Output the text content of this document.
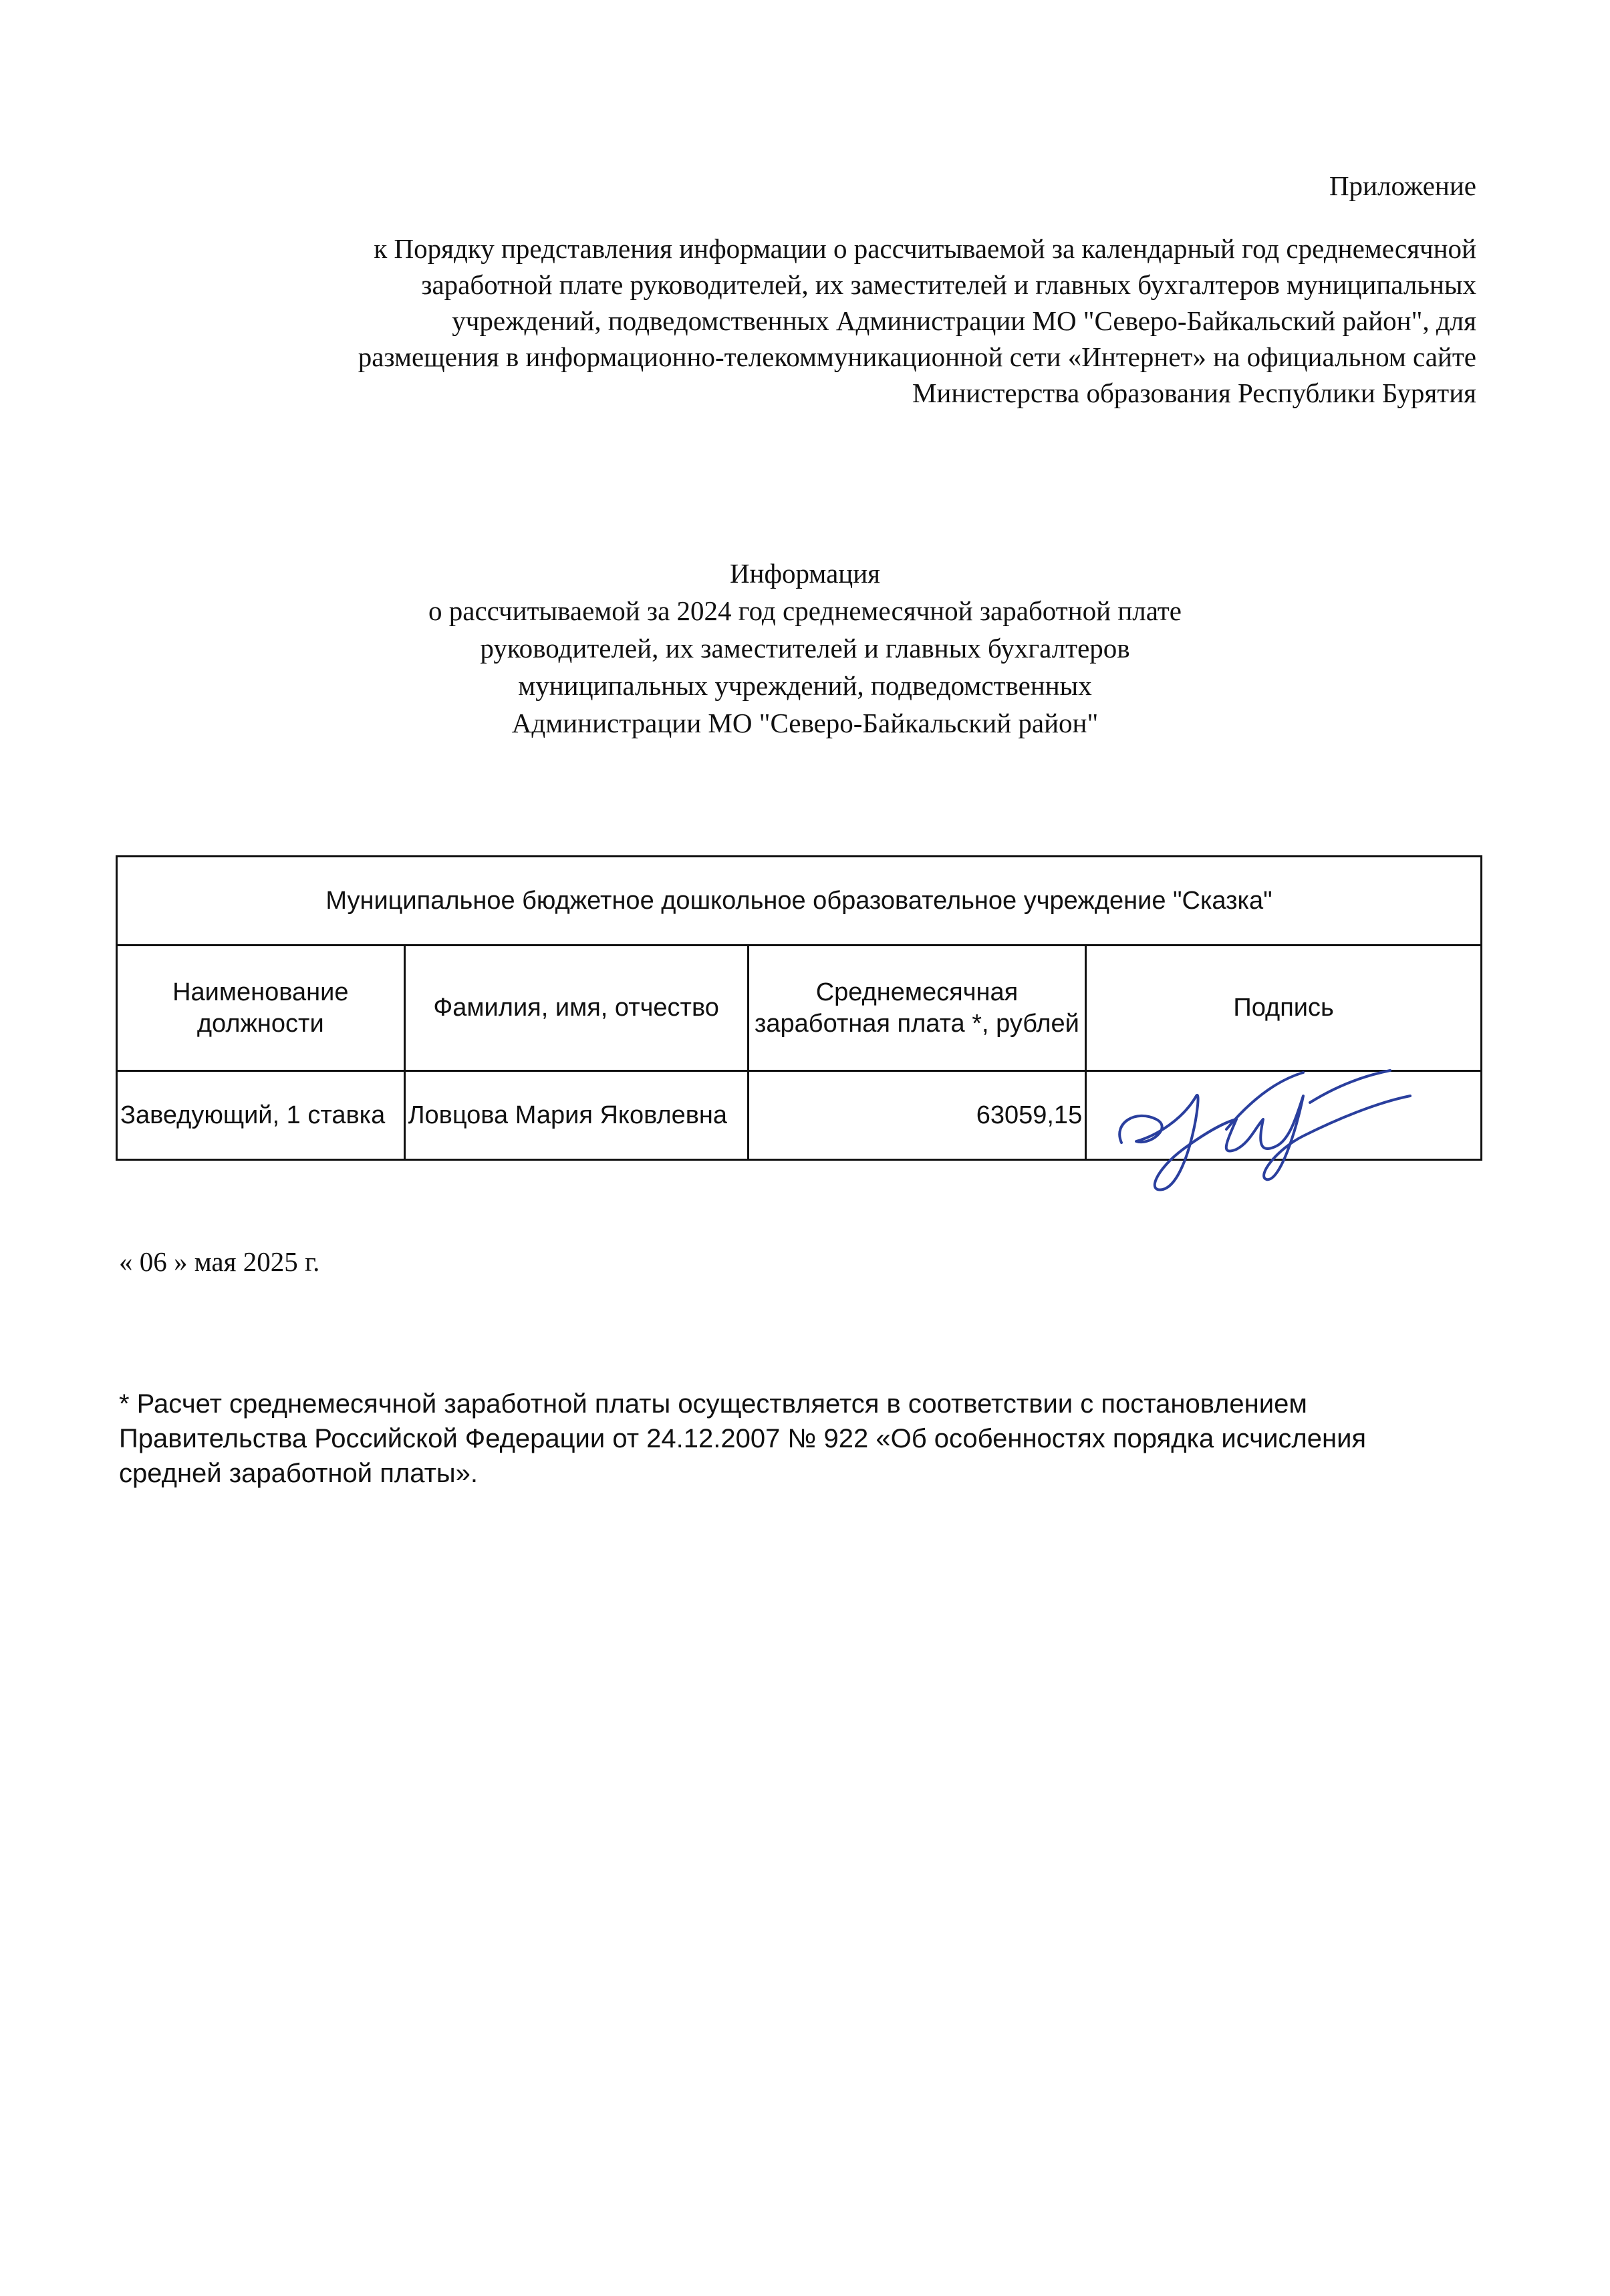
Приложение
к Порядку представления информации о рассчитываемой за календарный год среднемесячной
заработной плате руководителей, их заместителей и главных бухгалтеров муниципальных
учреждений, подведомственных Администрации МО "Северо-Байкальский район", для
размещения в информационно-телекоммуникационной сети «Интернет» на официальном сайте
Министерства образования Республики Бурятия
Информация
о рассчитываемой за 2024 год среднемесячной заработной плате
руководителей, их заместителей и главных бухгалтеров
муниципальных учреждений, подведомственных
Администрации МО "Северо-Байкальский район"
Муниципальное бюджетное дошкольное образовательное учреждение "Сказка"			
Наименование должности	Фамилия, имя, отчество	Среднемесячная заработная плата *, рублей	Подпись
Заведующий, 1 ставка	Ловцова Мария Яковлевна	63059,15	
« 06 » мая 2025 г.
* Расчет среднемесячной заработной платы осуществляется в соответствии с постановлением
Правительства Российской Федерации от 24.12.2007 № 922 «Об особенностях порядка исчисления
средней заработной платы».
